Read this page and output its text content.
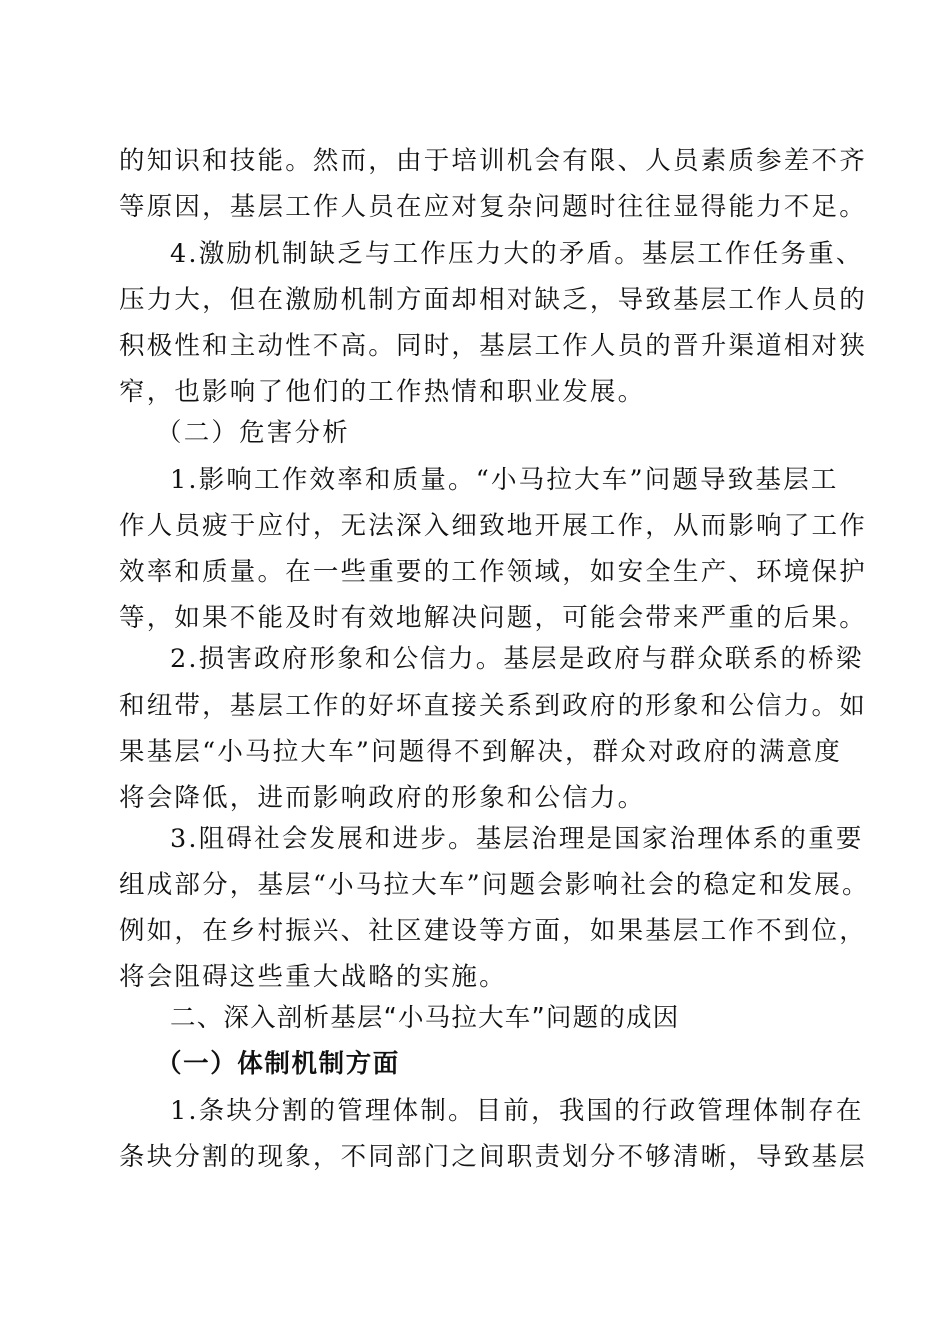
的知识和技能。然而，由于培训机会有限、人员素质参差不齐

等原因，基层工作人员在应对复杂问题时往往显得能力不足。

4.激励机制缺乏与工作压力大的矛盾。基层工作任务重、

压力大，但在激励机制方面却相对缺乏，导致基层工作人员的

积极性和主动性不高。同时，基层工作人员的晋升渠道相对狭

窄，也影响了他们的工作热情和职业发展。

（二）危害分析

1.影响工作效率和质量。“小马拉大车”问题导致基层工

作人员疲于应付，无法深入细致地开展工作，从而影响了工作

效率和质量。在一些重要的工作领域，如安全生产、环境保护

等，如果不能及时有效地解决问题，可能会带来严重的后果。

2.损害政府形象和公信力。基层是政府与群众联系的桥梁

和纽带，基层工作的好坏直接关系到政府的形象和公信力。如

果基层“小马拉大车”问题得不到解决，群众对政府的满意度

将会降低，进而影响政府的形象和公信力。

3.阻碍社会发展和进步。基层治理是国家治理体系的重要

组成部分，基层“小马拉大车”问题会影响社会的稳定和发展。

例如，在乡村振兴、社区建设等方面，如果基层工作不到位，

将会阻碍这些重大战略的实施。

二、深入剖析基层“小马拉大车”问题的成因

（一）体制机制方面

1.条块分割的管理体制。目前，我国的行政管理体制存在

条块分割的现象，不同部门之间职责划分不够清晰，导致基层
